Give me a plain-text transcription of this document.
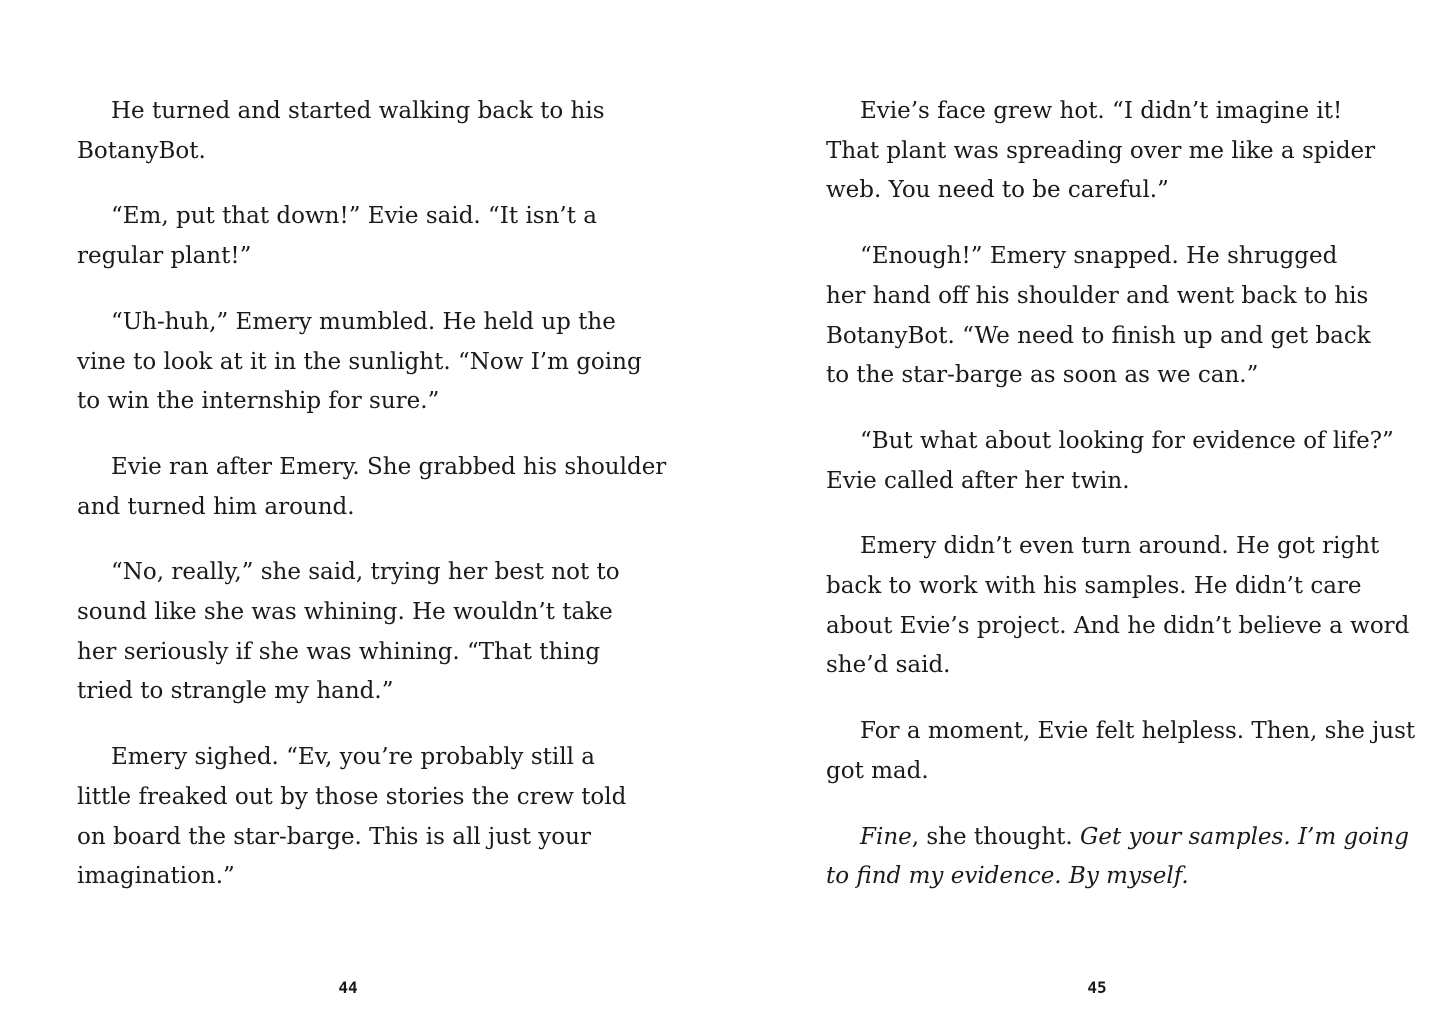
He turned and started walking back to his
BotanyBot.

“Em, put that down!” Evie said. “It isn’t a
regular plant!”

“Uh-huh,” Emery mumbled. He held up the
vine to look at it in the sunlight. “Now I’m going
to win the internship for sure.”

Evie ran after Emery. She grabbed his shoulder
and turned him around.

“No, really,” she said, trying her best not to
sound like she was whining. He wouldn’t take
her seriously if she was whining. “That thing
tried to strangle my hand.”

Emery sighed. “Ev, you’re probably still a
little freaked out by those stories the crew told
on board the star-barge. This is all just your
imagination.”

44

Evie’s face grew hot. “I didn’t imagine it!
That plant was spreading over me like a spider
web. You need to be careful.”

“Enough!” Emery snapped. He shrugged
her hand off his shoulder and went back to his
BotanyBot. “We need to finish up and get back
to the star-barge as soon as we can.”

“But what about looking for evidence of life?”
Evie called after her twin.

Emery didn’t even turn around. He got right
back to work with his samples. He didn’t care
about Evie’s project. And he didn’t believe a word
she’d said.

For a moment, Evie felt helpless. Then, she just
got mad.

Fine, she thought. Get your samples. I’m going
to find my evidence. By myself.

45
